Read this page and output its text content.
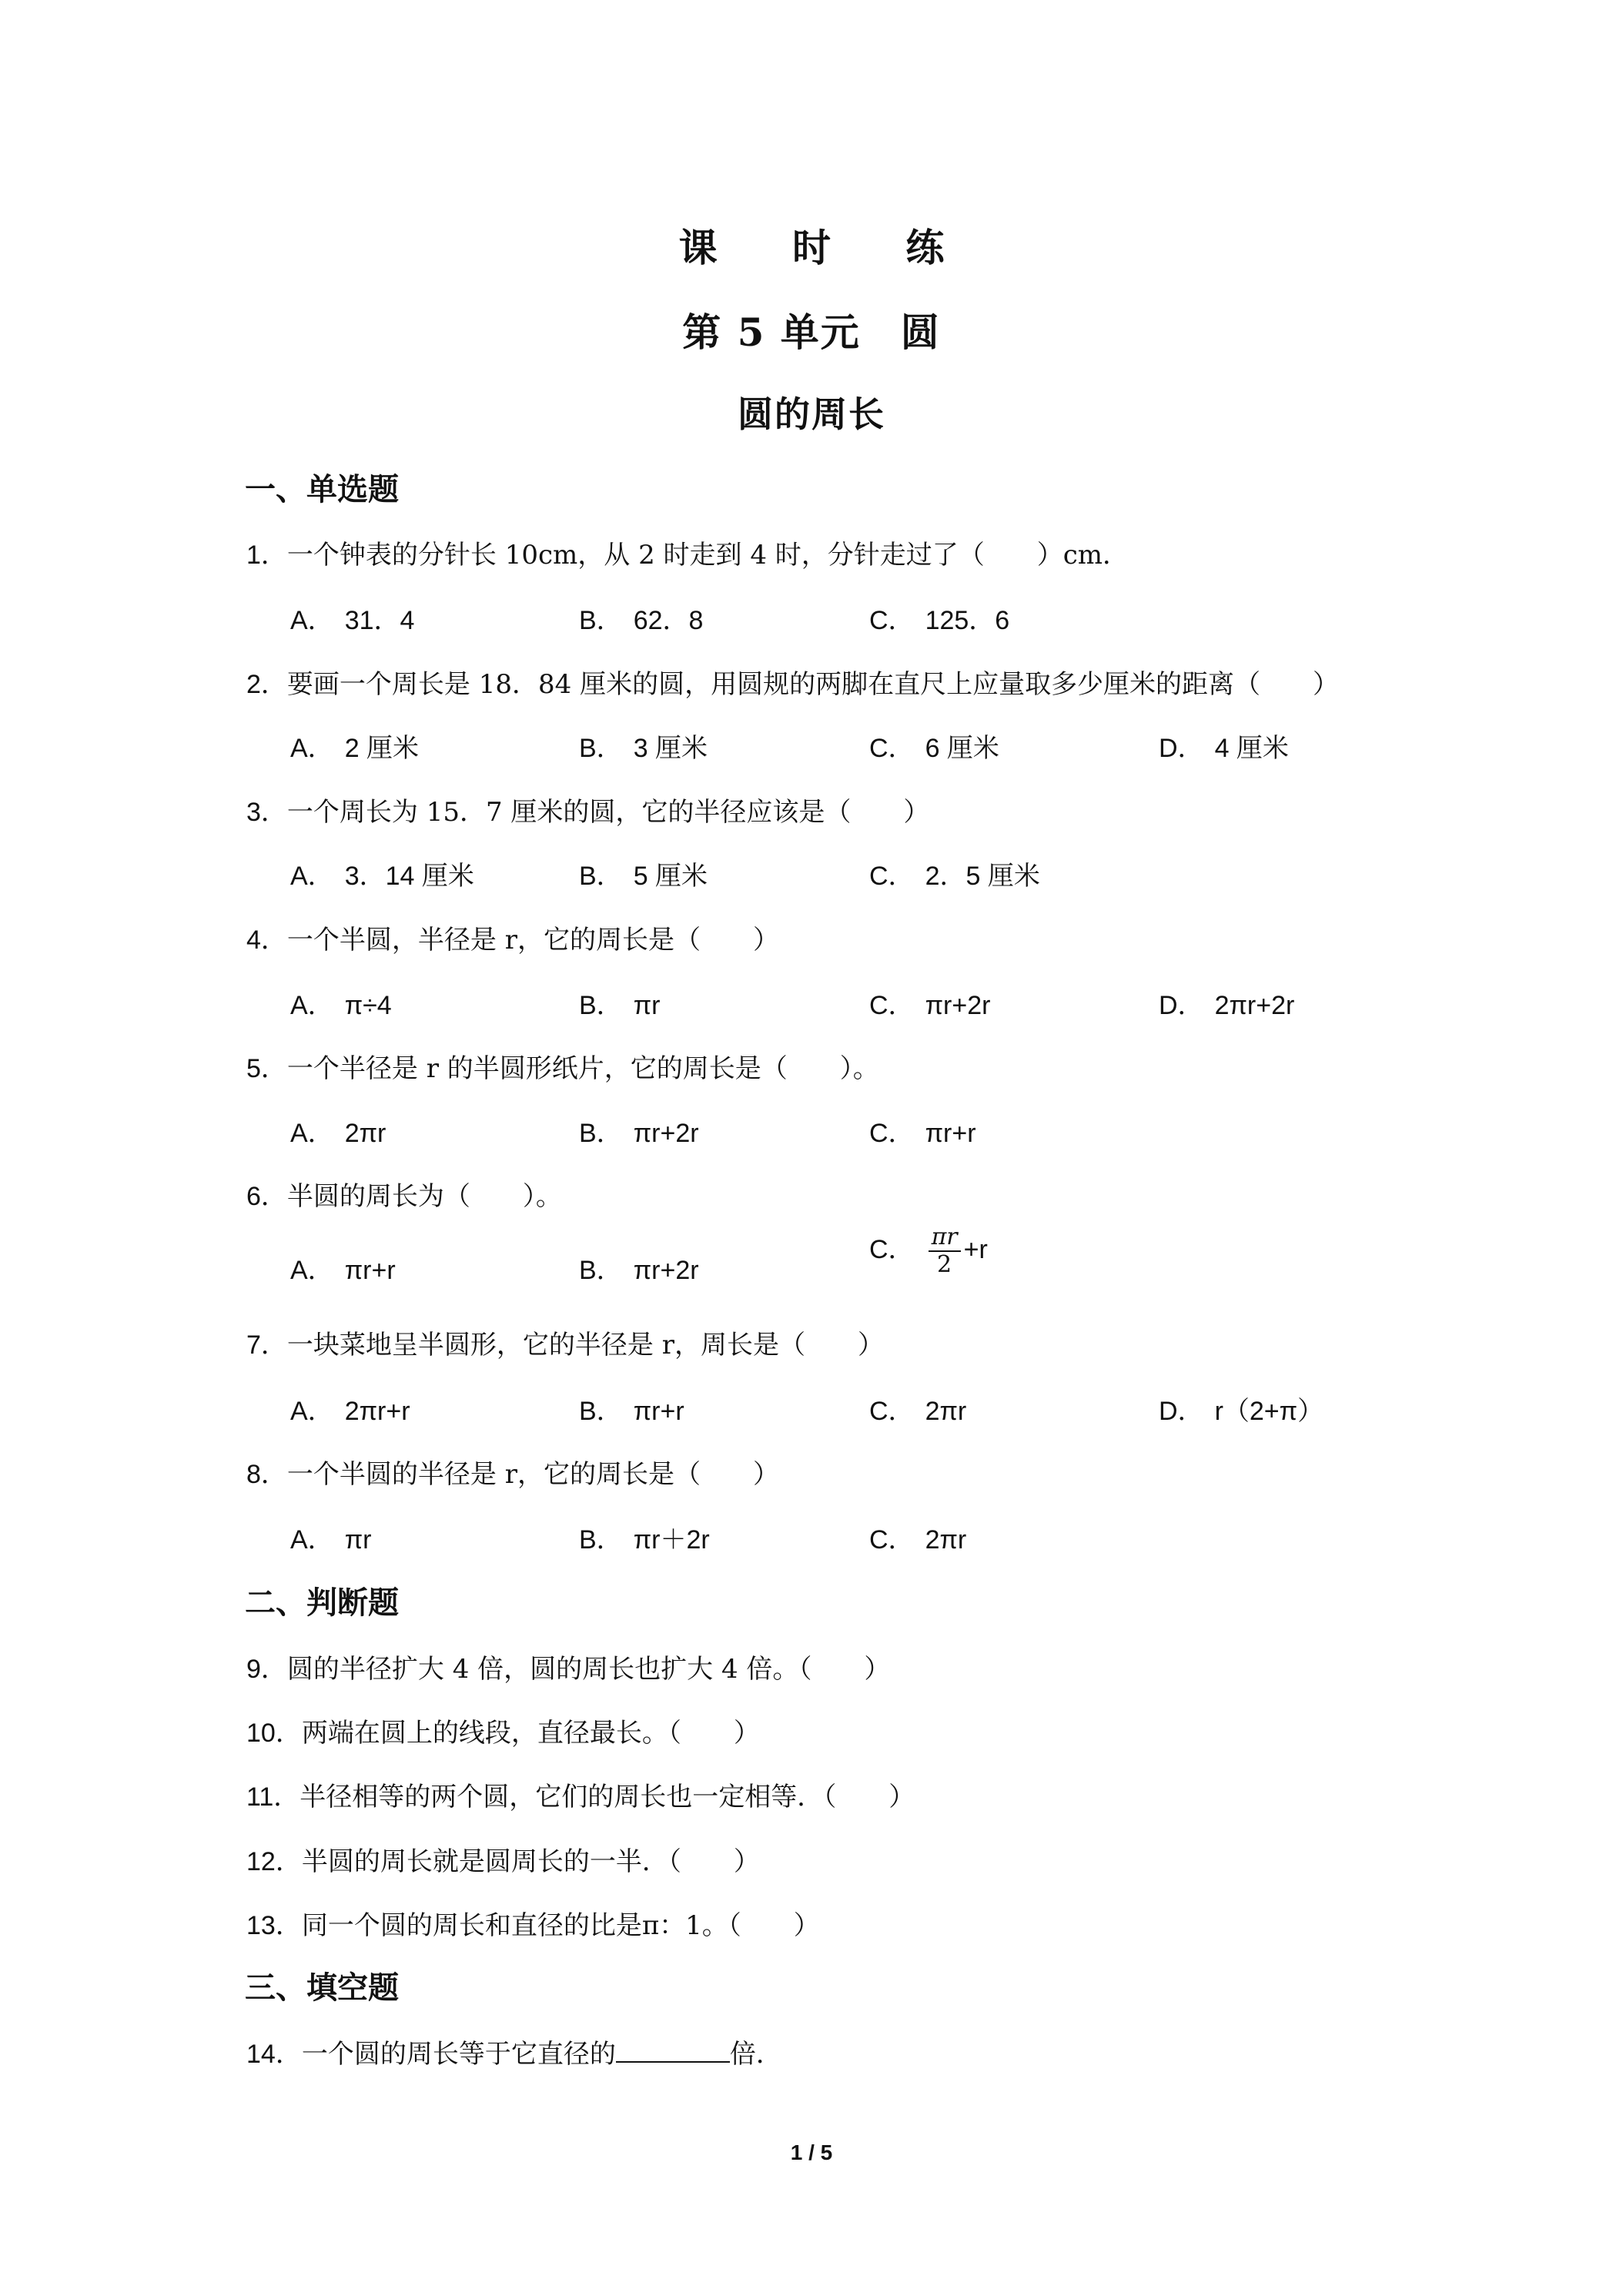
课 时 练
第 5 单元　圆
圆的周长
一、单选题
1．一个钟表的分针长 10cm，从 2 时走到 4 时，分针走过了（　　）cm．
A． 31．4	B． 62．8	C． 125．6
2．要画一个周长是 18．84 厘米的圆，用圆规的两脚在直尺上应量取多少厘米的距离（　　）
A． 2 厘米	B． 3 厘米	C． 6 厘米	D． 4 厘米
3．一个周长为 15．7 厘米的圆，它的半径应该是（　　）
A． 3．14 厘米	B． 5 厘米	C． 2．5 厘米
4．一个半圆，半径是 r，它的周长是（　　）
A． π÷4	B． πr	C． πr+2r	D． 2πr+2r
5．一个半径是 r 的半圆形纸片，它的周长是（　　）。
A． 2πr	B． πr+2r	C． πr+r
6．半圆的周长为（　　）。
A． πr+r	B． πr+2r
C． $\frac{\pi r}{2} +r$
7．一块菜地呈半圆形，它的半径是 r，周长是（　　）
A． 2πr+r	B． πr+r	C． 2πr	D． r（2+π）
8．一个半圆的半径是 r，它的周长是（　　）
A． πr	B． πr＋2r	C． 2πr
二、判断题
9．圆的半径扩大 4 倍，圆的周长也扩大 4 倍。（　　）
10．两端在圆上的线段，直径最长。（　　）
11．半径相等的两个圆，它们的周长也一定相等．（　　）
12．半圆的周长就是圆周长的一半．（　　）
13．同一个圆的周长和直径的比是π：1。（　　）
三、填空题
14．一个圆的周长等于它直径的	倍．
1 / 5
